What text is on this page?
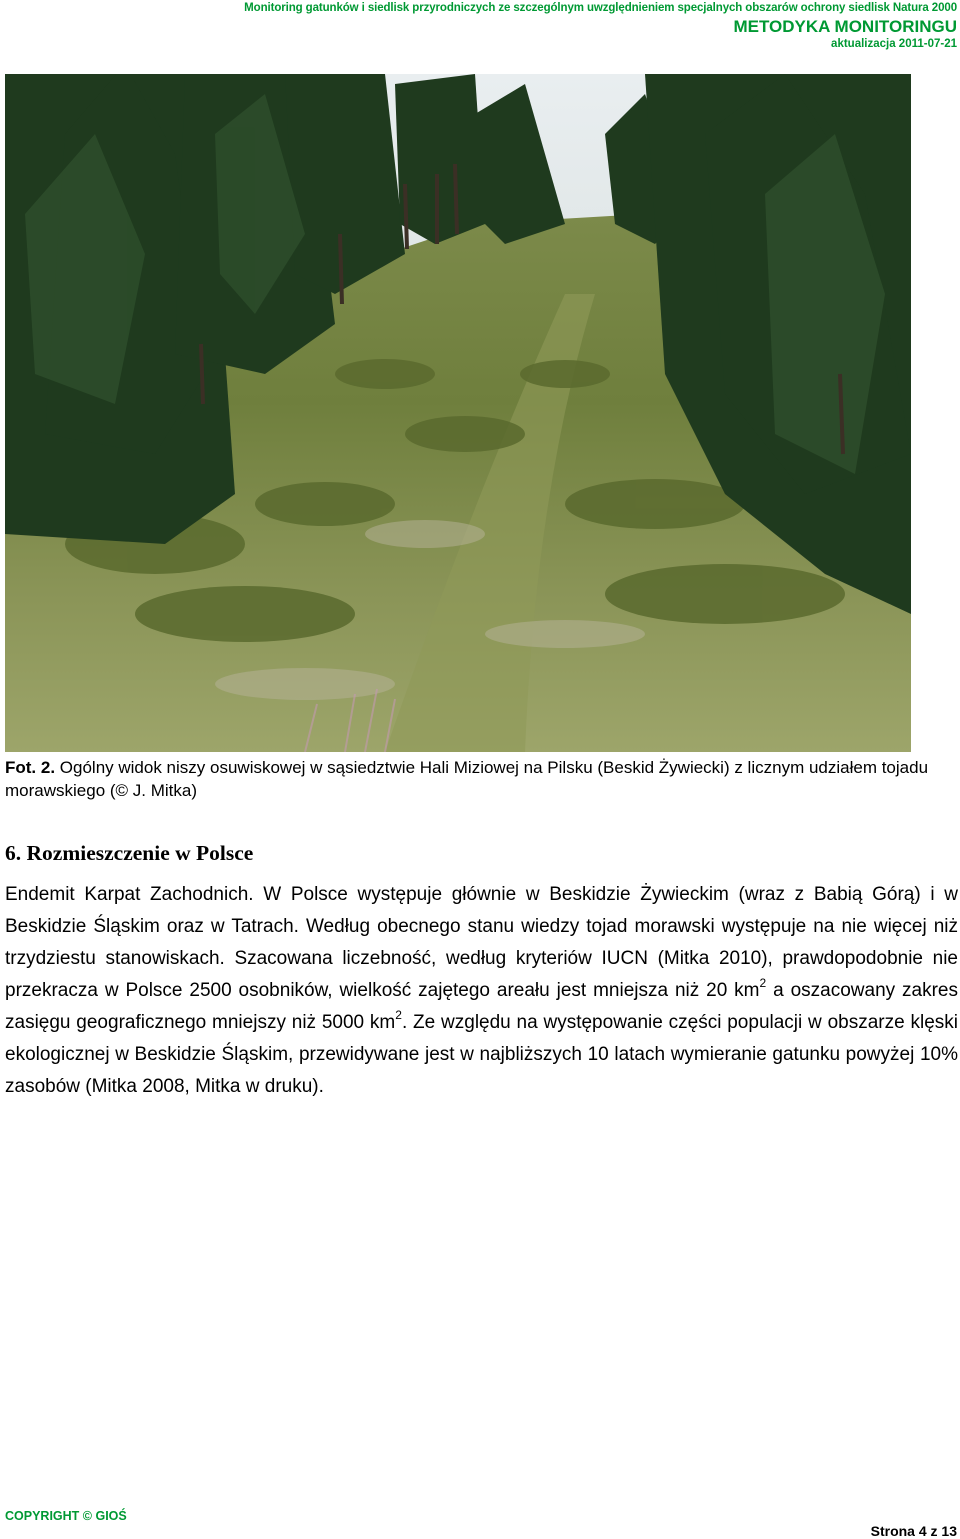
Monitoring gatunków i siedlisk przyrodniczych ze szczególnym uwzględnieniem specjalnych obszarów ochrony siedlisk Natura 2000
METODYKA MONITORINGU
aktualizacja 2011-07-21
Fot. 2. Ogólny widok niszy osuwiskowej w sąsiedztwie Hali Miziowej na Pilsku (Beskid Żywiecki) z licznym udziałem tojadu morawskiego (© J. Mitka)
6. Rozmieszczenie w Polsce

Endemit Karpat Zachodnich. W Polsce występuje głównie w Beskidzie Żywieckim (wraz z Babią Górą) i w Beskidzie Śląskim oraz w Tatrach. Według obecnego stanu wiedzy tojad morawski występuje na nie więcej niż trzydziestu stanowiskach. Szacowana liczebność, według kryteriów IUCN (Mitka 2010), prawdopodobnie nie przekracza w Polsce 2500 osobników, wielkość zajętego areału jest mniejsza niż 20 $km^2$ a oszacowany zakres zasięgu geograficznego mniejszy niż 5000 $km^2$. Ze względu na występowanie części populacji w obszarze klęski ekologicznej w Beskidzie Śląskim, przewidywane jest w najbliższych 10 latach wymieranie gatunku powyżej 10% zasobów (Mitka 2008, Mitka w druku).

COPYRIGHT © GIOŚ
Strona 4 z 13
